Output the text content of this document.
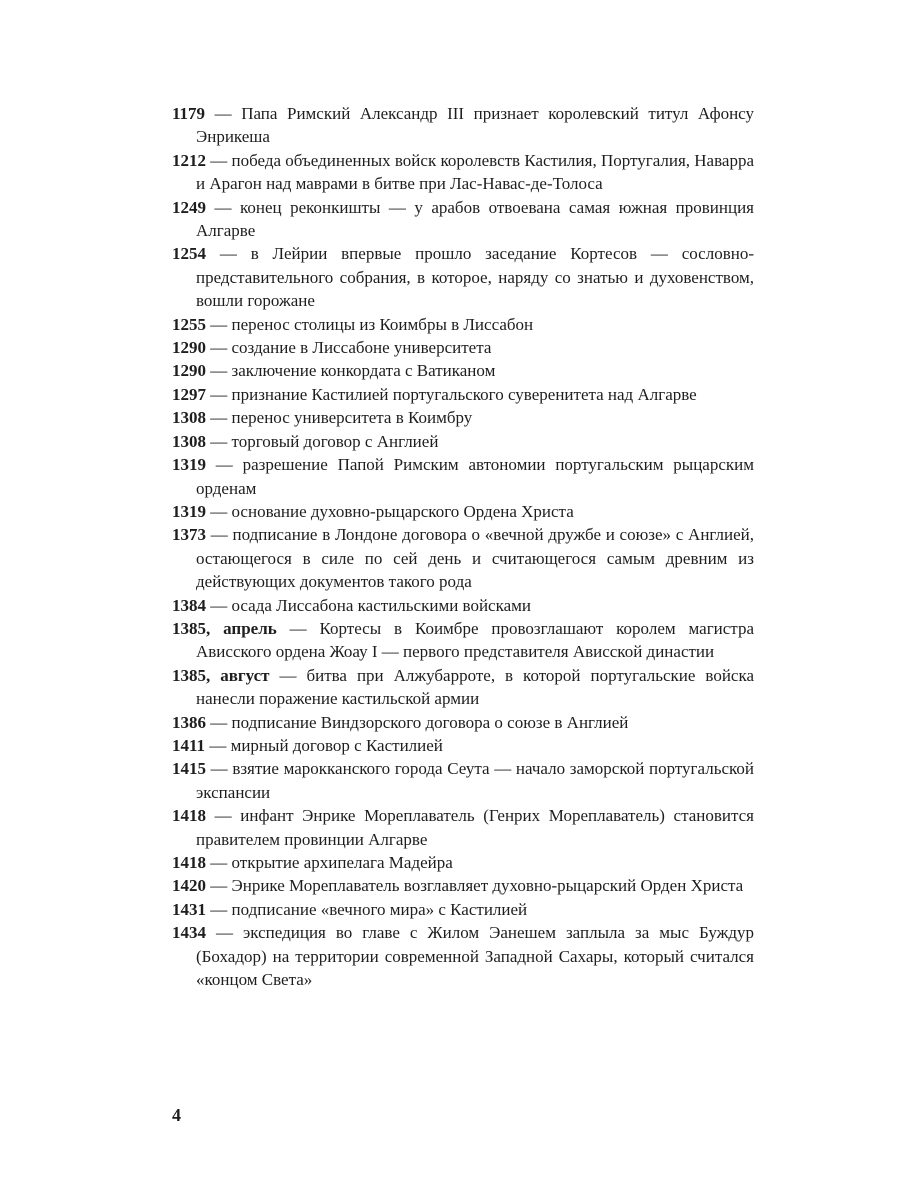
1179 — Папа Римский Александр III признает королевский титул Афонсу Энрикеша
1212 — победа объединенных войск королевств Кастилия, Португалия, Наварра и Арагон над маврами в битве при Лас-Навас-де-Толоса
1249 — конец реконкишты — у арабов отвоевана самая южная провинция Алгарве
1254 — в Лейрии впервые прошло заседание Кортесов — сословно-представительного собрания, в которое, наряду со знатью и духовенством, вошли горожане
1255 — перенос столицы из Коимбры в Лиссабон
1290 — создание в Лиссабоне университета
1290 — заключение конкордата с Ватиканом
1297 — признание Кастилией португальского суверенитета над Алгарве
1308 — перенос университета в Коимбру
1308 — торговый договор с Англией
1319 — разрешение Папой Римским автономии португальским рыцарским орденам
1319 — основание духовно-рыцарского Ордена Христа
1373 — подписание в Лондоне договора о «вечной дружбе и союзе» с Англией, остающегося в силе по сей день и считающегося самым древним из действующих документов такого рода
1384 — осада Лиссабона кастильскими войсками
1385, апрель — Кортесы в Коимбре провозглашают королем магистра Ависского ордена Жоау I — первого представителя Ависской династии
1385, август — битва при Алжубарроте, в которой португальские войска нанесли поражение кастильской армии
1386 — подписание Виндзорского договора о союзе в Англией
1411 — мирный договор с Кастилией
1415 — взятие марокканского города Сеута — начало заморской португальской экспансии
1418 — инфант Энрике Мореплаватель (Генрих Мореплаватель) становится правителем провинции Алгарве
1418 — открытие архипелага Мадейра
1420 — Энрике Мореплаватель возглавляет духовно-рыцарский Орден Христа
1431 — подписание «вечного мира» с Кастилией
1434 — экспедиция во главе с Жилом Эанешем заплыла за мыс Буждур (Бохадор) на территории современной Западной Сахары, который считался «концом Света»
4
